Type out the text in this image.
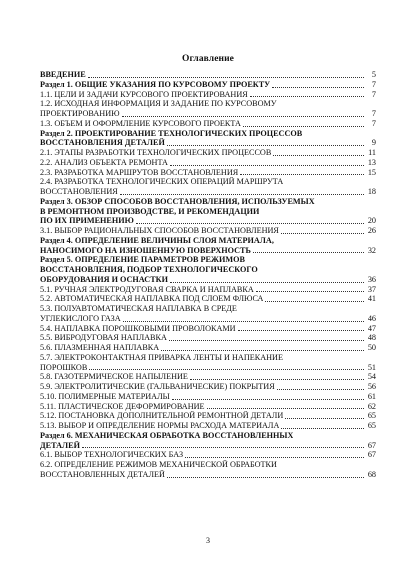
Оглавление
ВВЕДЕНИЕ	5
Раздел 1. ОБЩИЕ УКАЗАНИЯ ПО КУРСОВОМУ ПРОЕКТУ	7
1.1. ЦЕЛИ И ЗАДАЧИ КУРСОВОГО ПРОЕКТИРОВАНИЯ	7
1.2. ИСХОДНАЯ ИНФОРМАЦИЯ И ЗАДАНИЕ ПО КУРСОВОМУ
ПРОЕКТИРОВАНИЮ	7
1.3. ОБЪЕМ И ОФОРМЛЕНИЕ КУРСОВОГО ПРОЕКТА	7
Раздел 2. ПРОЕКТИРОВАНИЕ ТЕХНОЛОГИЧЕСКИХ ПРОЦЕССОВ
ВОССТАНОВЛЕНИЯ ДЕТАЛЕЙ	9
2.1. ЭТАПЫ РАЗРАБОТКИ ТЕХНОЛОГИЧЕСКИХ ПРОЦЕССОВ	11
2.2. АНАЛИЗ ОБЪЕКТА РЕМОНТА	13
2.3. РАЗРАБОТКА МАРШРУТОВ ВОССТАНОВЛЕНИЯ	15
2.4. РАЗРАБОТКА ТЕХНОЛОГИЧЕСКИХ ОПЕРАЦИЙ МАРШРУТА
ВОССТАНОВЛЕНИЯ	18
Раздел 3. ОБЗОР СПОСОБОВ ВОССТАНОВЛЕНИЯ, ИСПОЛЬЗУЕМЫХ
В РЕМОНТНОМ ПРОИЗВОДСТВЕ, И РЕКОМЕНДАЦИИ
ПО ИХ ПРИМЕНЕНИЮ	20
3.1. ВЫБОР РАЦИОНАЛЬНЫХ СПОСОБОВ ВОССТАНОВЛЕНИЯ	26
Раздел 4. ОПРЕДЕЛЕНИЕ ВЕЛИЧИНЫ СЛОЯ МАТЕРИАЛА,
НАНОСИМОГО НА ИЗНОШЕННУЮ ПОВЕРХНОСТЬ	32
Раздел 5. ОПРЕДЕЛЕНИЕ ПАРАМЕТРОВ РЕЖИМОВ
ВОССТАНОВЛЕНИЯ, ПОДБОР ТЕХНОЛОГИЧЕСКОГО
ОБОРУДОВАНИЯ И ОСНАСТКИ	36
5.1. РУЧНАЯ ЭЛЕКТРОДУГОВАЯ СВАРКА И НАПЛАВКА	37
5.2. АВТОМАТИЧЕСКАЯ НАПЛАВКА ПОД СЛОЕМ ФЛЮСА	41
5.3. ПОЛУАВТОМАТИЧЕСКАЯ НАПЛАВКА В СРЕДЕ
УГЛЕКИСЛОГО ГАЗА	46
5.4. НАПЛАВКА ПОРОШКОВЫМИ ПРОВОЛОКАМИ	47
5.5. ВИБРОДУГОВАЯ НАПЛАВКА	48
5.6. ПЛАЗМЕННАЯ НАПЛАВКА	50
5.7. ЭЛЕКТРОКОНТАКТНАЯ ПРИВАРКА ЛЕНТЫ И НАПЕКАНИЕ
ПОРОШКОВ	51
5.8. ГАЗОТЕРМИЧЕСКОЕ НАПЫЛЕНИЕ	54
5.9. ЭЛЕКТРОЛИТИЧЕСКИЕ (ГАЛЬВАНИЧЕСКИЕ) ПОКРЫТИЯ	56
5.10. ПОЛИМЕРНЫЕ МАТЕРИАЛЫ	61
5.11. ПЛАСТИЧЕСКОЕ ДЕФОРМИРОВАНИЕ	62
5.12. ПОСТАНОВКА ДОПОЛНИТЕЛЬНОЙ РЕМОНТНОЙ ДЕТАЛИ	65
5.13. ВЫБОР И ОПРЕДЕЛЕНИЕ НОРМЫ РАСХОДА МАТЕРИАЛА	65
Раздел 6. МЕХАНИЧЕСКАЯ ОБРАБОТКА ВОССТАНОВЛЕННЫХ
ДЕТАЛЕЙ	67
6.1. ВЫБОР ТЕХНОЛОГИЧЕСКИХ БАЗ	67
6.2. ОПРЕДЕЛЕНИЕ РЕЖИМОВ МЕХАНИЧЕСКОЙ ОБРАБОТКИ
ВОССТАНОВЛЕННЫХ ДЕТАЛЕЙ	68
3
